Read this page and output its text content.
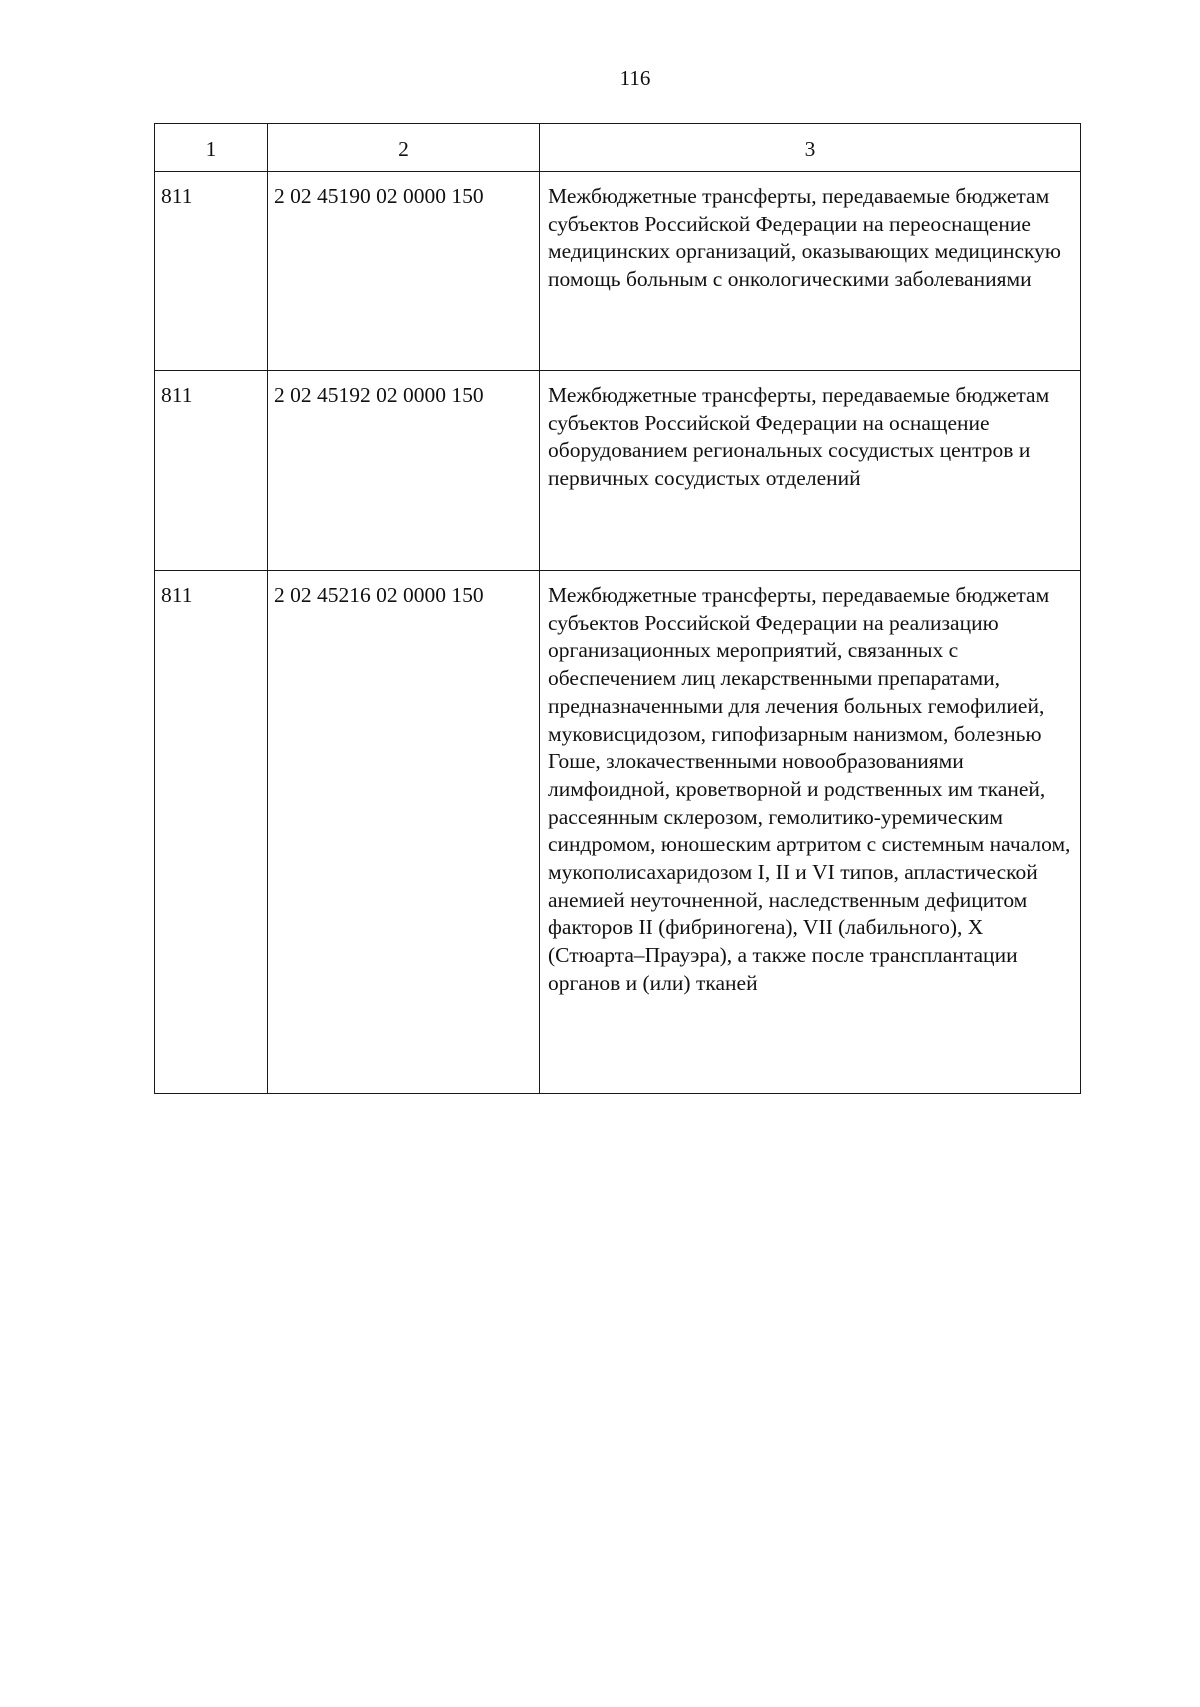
116
1	2	3
811	2 02 45190 02 0000 150	Межбюджетные трансферты, передаваемые бюджетам субъектов Российской Федерации на переоснащение медицинских организаций, оказывающих медицинскую помощь больным с онкологическими заболеваниями
811	2 02 45192 02 0000 150	Межбюджетные трансферты, передаваемые бюджетам субъектов Российской Федерации на оснащение оборудованием региональных сосудистых центров и первичных сосудистых отделений
811	2 02 45216 02 0000 150	Межбюджетные трансферты, передаваемые бюджетам субъектов Российской Федерации на реализацию организационных мероприятий, связанных с обеспечением лиц лекарственными препаратами, предназначенными для лечения больных гемофилией, муковисцидозом, гипофизарным нанизмом, болезнью Гоше, злокачественными новообразованиями лимфоидной, кроветворной и родственных им тканей, рассеянным склерозом, гемолитико-уремическим синдромом, юношеским артритом с системным началом, мукополисахаридозом I, II и VI типов, апластической анемией неуточненной, наследственным дефицитом факторов II (фибриногена), VII (лабильного), X (Стюарта–Прауэра), а также после трансплантации органов и (или) тканей
